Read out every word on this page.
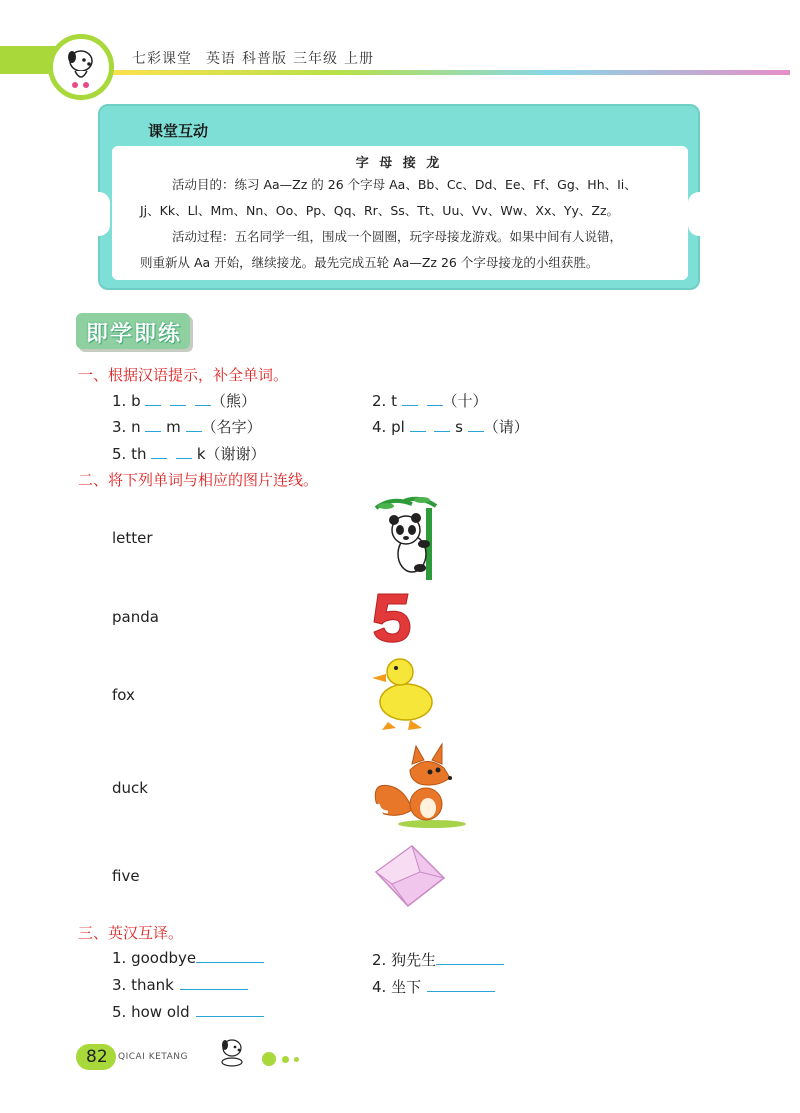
七彩课堂 英语 科普版 三年级 上册
课堂互动
字 母 接 龙
活动目的：练习 Aa—Zz 的 26 个字母 Aa、Bb、Cc、Dd、Ee、Ff、Gg、Hh、Ii、
Jj、Kk、Ll、Mm、Nn、Oo、Pp、Qq、Rr、Ss、Tt、Uu、Vv、Ww、Xx、Yy、Zz。
活动过程：五名同学一组，围成一个圆圈，玩字母接龙游戏。如果中间有人说错，
则重新从 Aa 开始，继续接龙。最先完成五轮 Aa—Zz 26 个字母接龙的小组获胜。
即学即练
一、根据汉语提示，补全单词。
1. b	（熊）	2. t	（十）
3. n m （名字）	4. pl	s （请）
5. th	k（谢谢）
二、将下列单词与相应的图片连线。
letter
panda
fox
duck
five
三、英汉互译。
1. goodbye	2. 狗先生
3. thank	4. 坐下
5. how old
82 QICAI KETANG
